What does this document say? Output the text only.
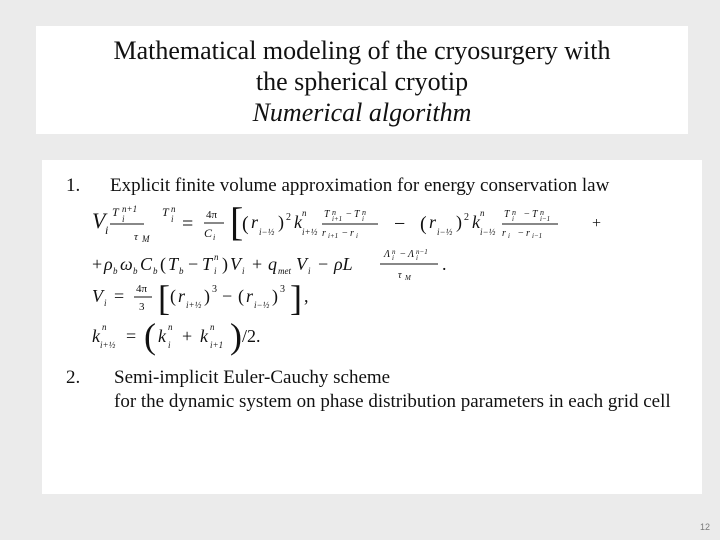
Mathematical modeling of the cryosurgery with
the spherical cryotip
Numerical algorithm
1. Explicit finite volume approximation for energy conservation law
V i
T n+1
i	T n
i
τ M
= 4π
C i [
( r i−½ ) 2 k n
i+½
T n
i+1 − T n
i
r i+1 − r i
− ( r i−½ ) 2 k n
i−½
T n
i − T n
i−1
r i − r i−1
+
+ ρ b ω b C b ( T b − T n
i ) V i + q met V i − ρL	Λ n
i − Λ n−1
i
τ M
.
V i = 4π
3 [ ( r i+½ ) 3 − ( r i−½ ) 3 ] ,
k n
i+½ = ( k n
i + k n
i+1 ) /2.
2. Semi-implicit Euler-Cauchy scheme
for the dynamic system on phase distribution parameters in each grid cell
12
